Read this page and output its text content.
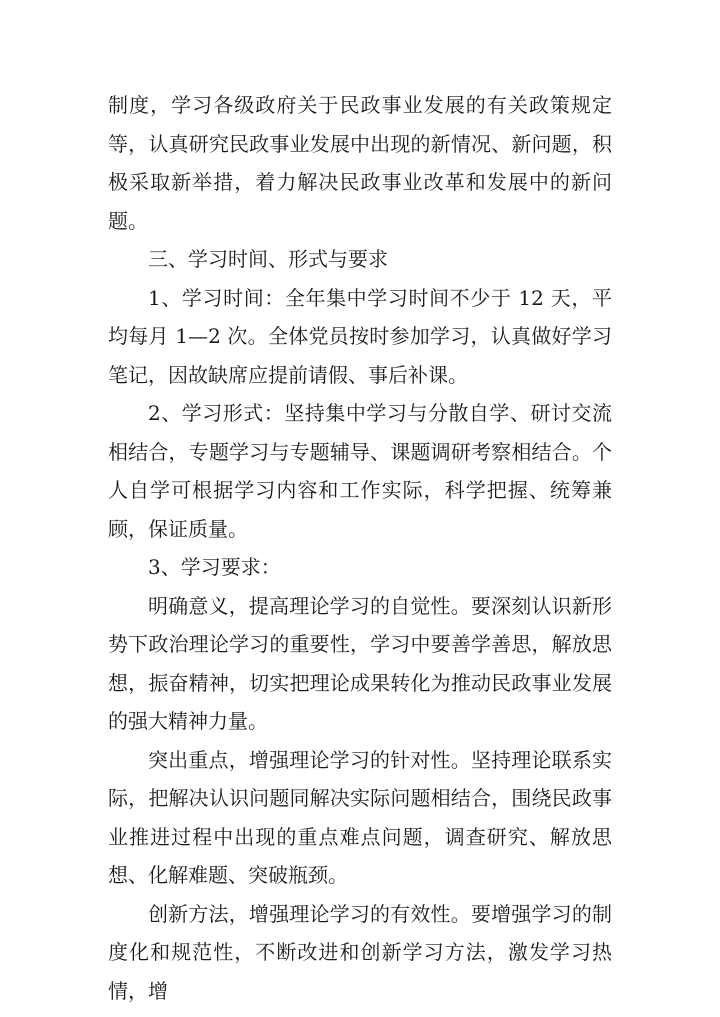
制度，学习各级政府关于民政事业发展的有关政策规定等，认真研究民政事业发展中出现的新情况、新问题，积极采取新举措，着力解决民政事业改革和发展中的新问题。

三、学习时间、形式与要求

1、学习时间：全年集中学习时间不少于 12 天，平均每月 1—2 次。全体党员按时参加学习，认真做好学习笔记，因故缺席应提前请假、事后补课。

2、学习形式：坚持集中学习与分散自学、研讨交流相结合，专题学习与专题辅导、课题调研考察相结合。个人自学可根据学习内容和工作实际，科学把握、统筹兼顾，保证质量。

3、学习要求：

明确意义，提高理论学习的自觉性。要深刻认识新形势下政治理论学习的重要性，学习中要善学善思，解放思想，振奋精神，切实把理论成果转化为推动民政事业发展的强大精神力量。

突出重点，增强理论学习的针对性。坚持理论联系实际，把解决认识问题同解决实际问题相结合，围绕民政事业推进过程中出现的重点难点问题，调查研究、解放思想、化解难题、突破瓶颈。

创新方法，增强理论学习的有效性。要增强学习的制度化和规范性，不断改进和创新学习方法，激发学习热情，增
